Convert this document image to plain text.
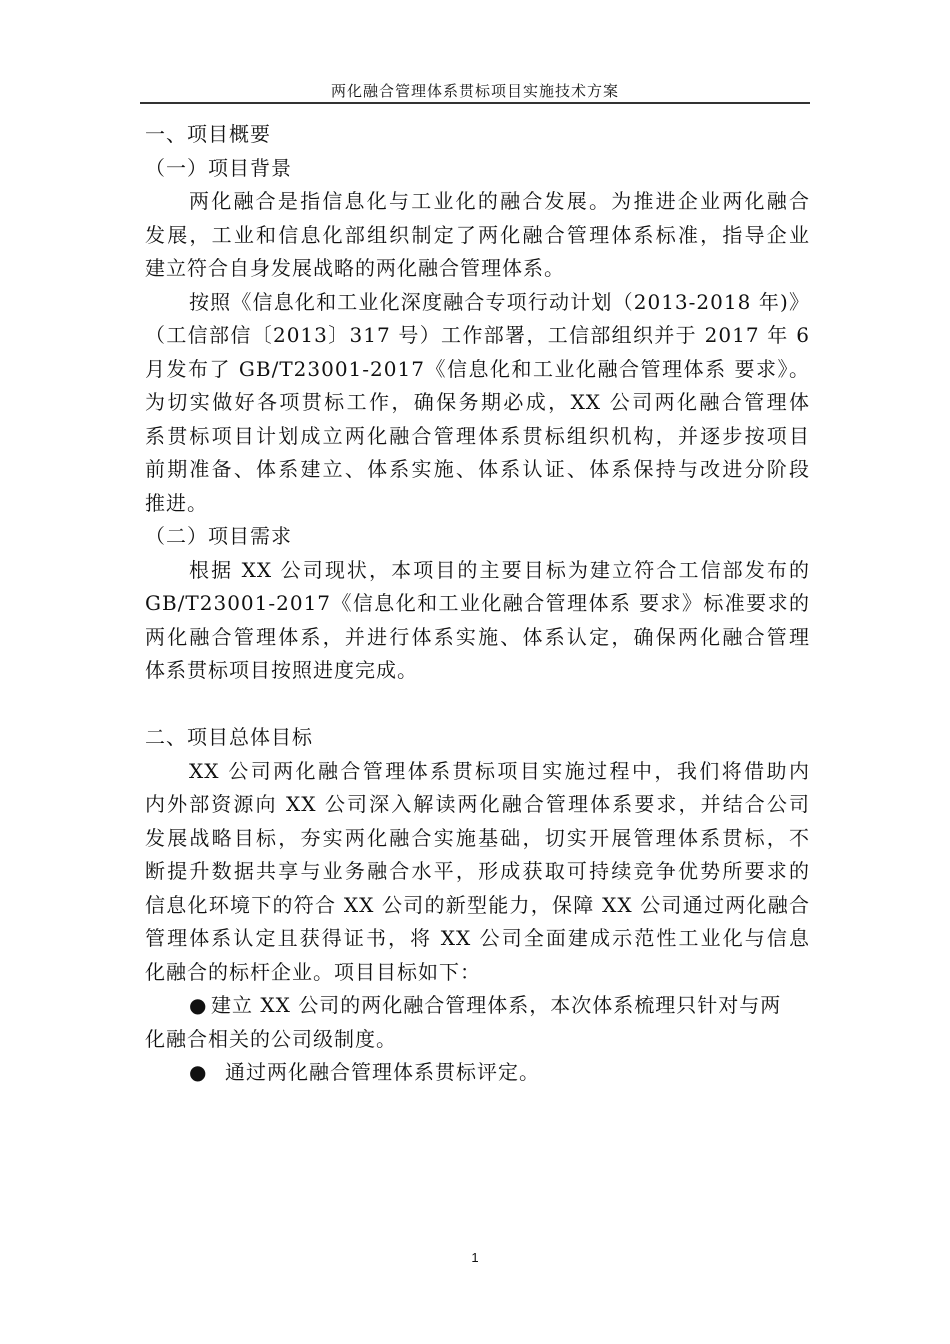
两化融合管理体系贯标项目实施技术方案
一、项目概要
（一）项目背景
两化融合是指信息化与工业化的融合发展。为推进企业两化融合
发展，工业和信息化部组织制定了两化融合管理体系标准，指导企业
建立符合自身发展战略的两化融合管理体系。
按照《信息化和工业化深度融合专项行动计划（2013-2018 年)》
（工信部信〔2013〕317 号）工作部署，工信部组织并于 2017 年 6
月发布了 GB/T23001-2017《信息化和工业化融合管理体系 要求》。
为切实做好各项贯标工作，确保务期必成，XX 公司两化融合管理体
系贯标项目计划成立两化融合管理体系贯标组织机构，并逐步按项目
前期准备、体系建立、体系实施、体系认证、体系保持与改进分阶段
推进。
（二）项目需求
根据 XX 公司现状，本项目的主要目标为建立符合工信部发布的
GB/T23001-2017《信息化和工业化融合管理体系 要求》标准要求的
两化融合管理体系，并进行体系实施、体系认定，确保两化融合管理
体系贯标项目按照进度完成。
二、项目总体目标
XX 公司两化融合管理体系贯标项目实施过程中，我们将借助内
内外部资源向 XX 公司深入解读两化融合管理体系要求，并结合公司
发展战略目标，夯实两化融合实施基础，切实开展管理体系贯标，不
断提升数据共享与业务融合水平，形成获取可持续竞争优势所要求的
信息化环境下的符合 XX 公司的新型能力，保障 XX 公司通过两化融合
管理体系认定且获得证书，将 XX 公司全面建成示范性工业化与信息
化融合的标杆企业。项目目标如下：
● 建立 XX 公司的两化融合管理体系，本次体系梳理只针对与两
化融合相关的公司级制度。
● 通过两化融合管理体系贯标评定。
1
